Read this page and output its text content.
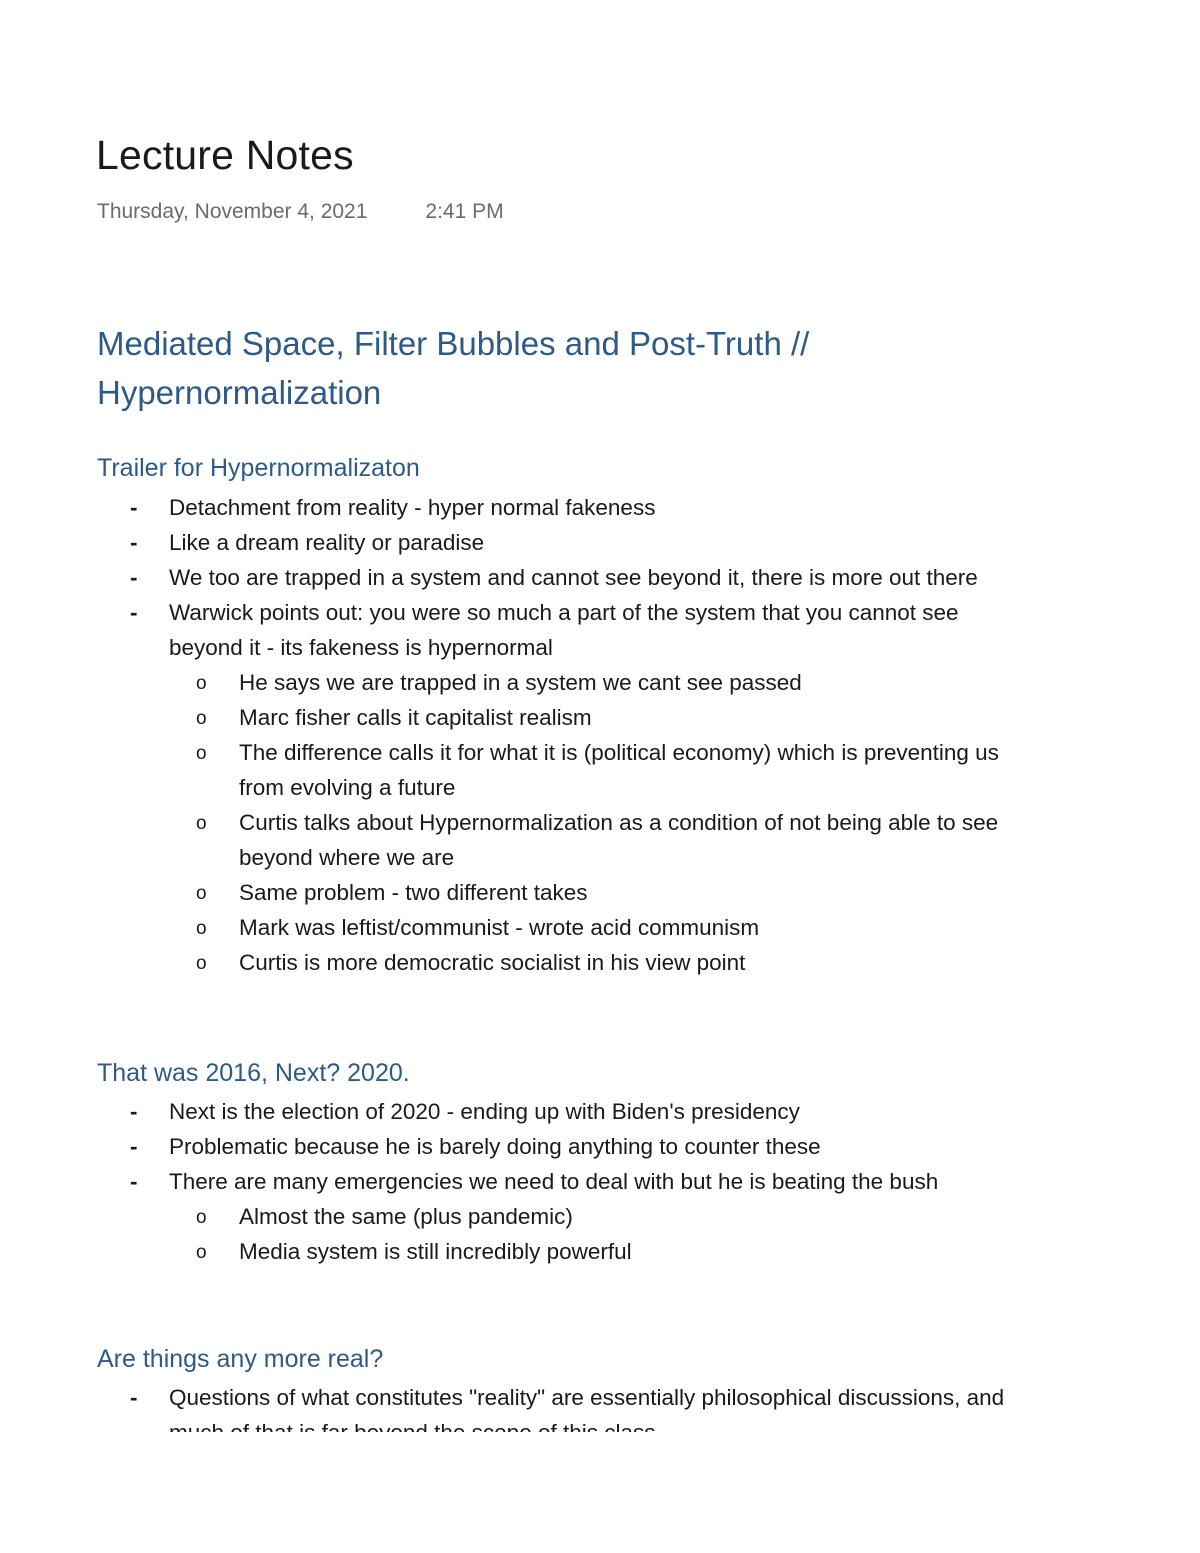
Lecture Notes
Thursday, November 4, 2021	2:41 PM
Mediated Space, Filter Bubbles and Post-Truth //
Hypernormalization
Trailer for Hypernormalizaton
- Detachment from reality - hyper normal fakeness
- Like a dream reality or paradise
- We too are trapped in a system and cannot see beyond it, there is more out there
- Warwick points out: you were so much a part of the system that you cannot see beyond it - its fakeness is hypernormal
o He says we are trapped in a system we cant see passed
o Marc fisher calls it capitalist realism
o The difference calls it for what it is (political economy) which is preventing us from evolving a future
o Curtis talks about Hypernormalization as a condition of not being able to see beyond where we are
o Same problem - two different takes
o Mark was leftist/communist - wrote acid communism
o Curtis is more democratic socialist in his view point
That was 2016, Next? 2020.
- Next is the election of 2020 - ending up with Biden's presidency
- Problematic because he is barely doing anything to counter these
- There are many emergencies we need to deal with but he is beating the bush
o Almost the same (plus pandemic)
o Media system is still incredibly powerful
Are things any more real?
- Questions of what constitutes "reality" are essentially philosophical discussions, and
